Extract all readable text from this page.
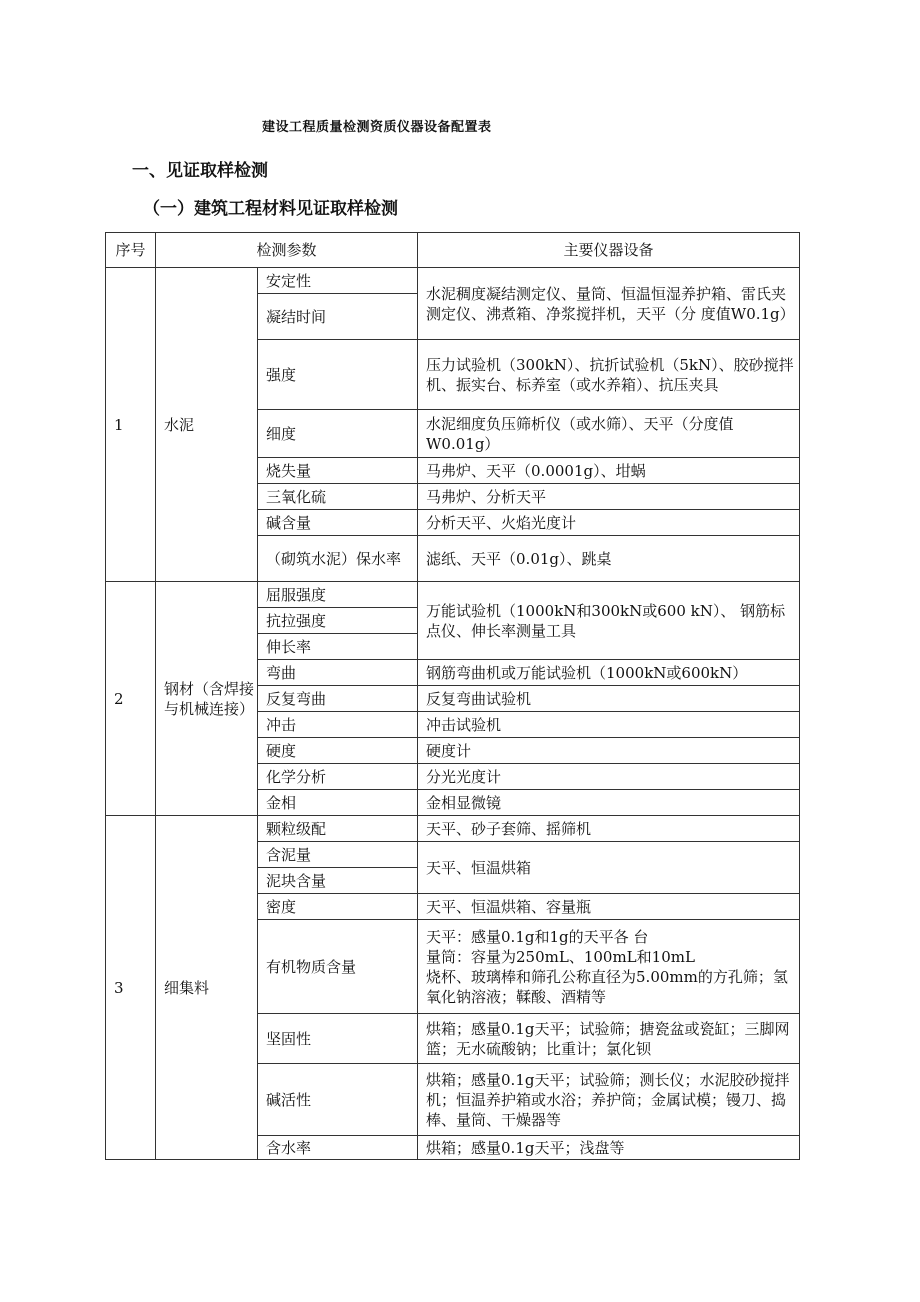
建设工程质量检测资质仪器设备配置表
一、见证取样检测
（一）建筑工程材料见证取样检测
序号	检测参数		主要仪器设备
1	水泥	安定性	水泥稠度凝结测定仪、量筒、恒温恒湿养护箱、雷氏夹测定仪、沸煮箱、净浆搅拌机，天平（分 度值W0.1g）
		凝结时间	
		强度	压力试验机（300kN）、抗折试验机（5kN）、胶砂搅拌机、振实台、标养室（或水养箱）、抗压夹具
		细度	水泥细度负压筛析仪（或水筛）、天平（分度值W0.01g）
		烧失量	马弗炉、天平（0.0001g）、坩蜗
		三氧化硫	马弗炉、分析天平
		碱含量	分析天平、火焰光度计
		（砌筑水泥）保水率	滤纸、天平（0.01g）、跳桌
2	钢材（含焊接与机械连接）	屈服强度	万能试验机（1000kN和300kN或600 kN）、 钢筋标点仪、伸长率测量工具
		抗拉强度	
		伸长率	
		弯曲	钢筋弯曲机或万能试验机（1000kN或600kN）
		反复弯曲	反复弯曲试验机
		冲击	冲击试验机
		硬度	硬度计
		化学分析	分光光度计
		金相	金相显微镜
3	细集料	颗粒级配	天平、砂子套筛、摇筛机
		含泥量	天平、恒温烘箱
		泥块含量	
		密度	天平、恒温烘箱、容量瓶
		有机物质含量	天平：感量0.1g和1g的天平各 台
量筒：容量为250mL、100mL和10mL
烧杯、玻璃棒和筛孔公称直径为5.00mm的方孔筛；氢氧化钠溶液；鞣酸、酒精等

		坚固性	烘箱；感量0.1g天平；试验筛；搪瓷盆或瓷缸；三脚网篮；无水硫酸钠；比重计；氯化钡
		碱活性	烘箱；感量0.1g天平；试验筛；测长仪；水泥胶砂搅拌机；恒温养护箱或水浴；养护筒；金属试模；镘刀、捣棒、量筒、干燥器等
		含水率	烘箱；感量0.1g天平；浅盘等
